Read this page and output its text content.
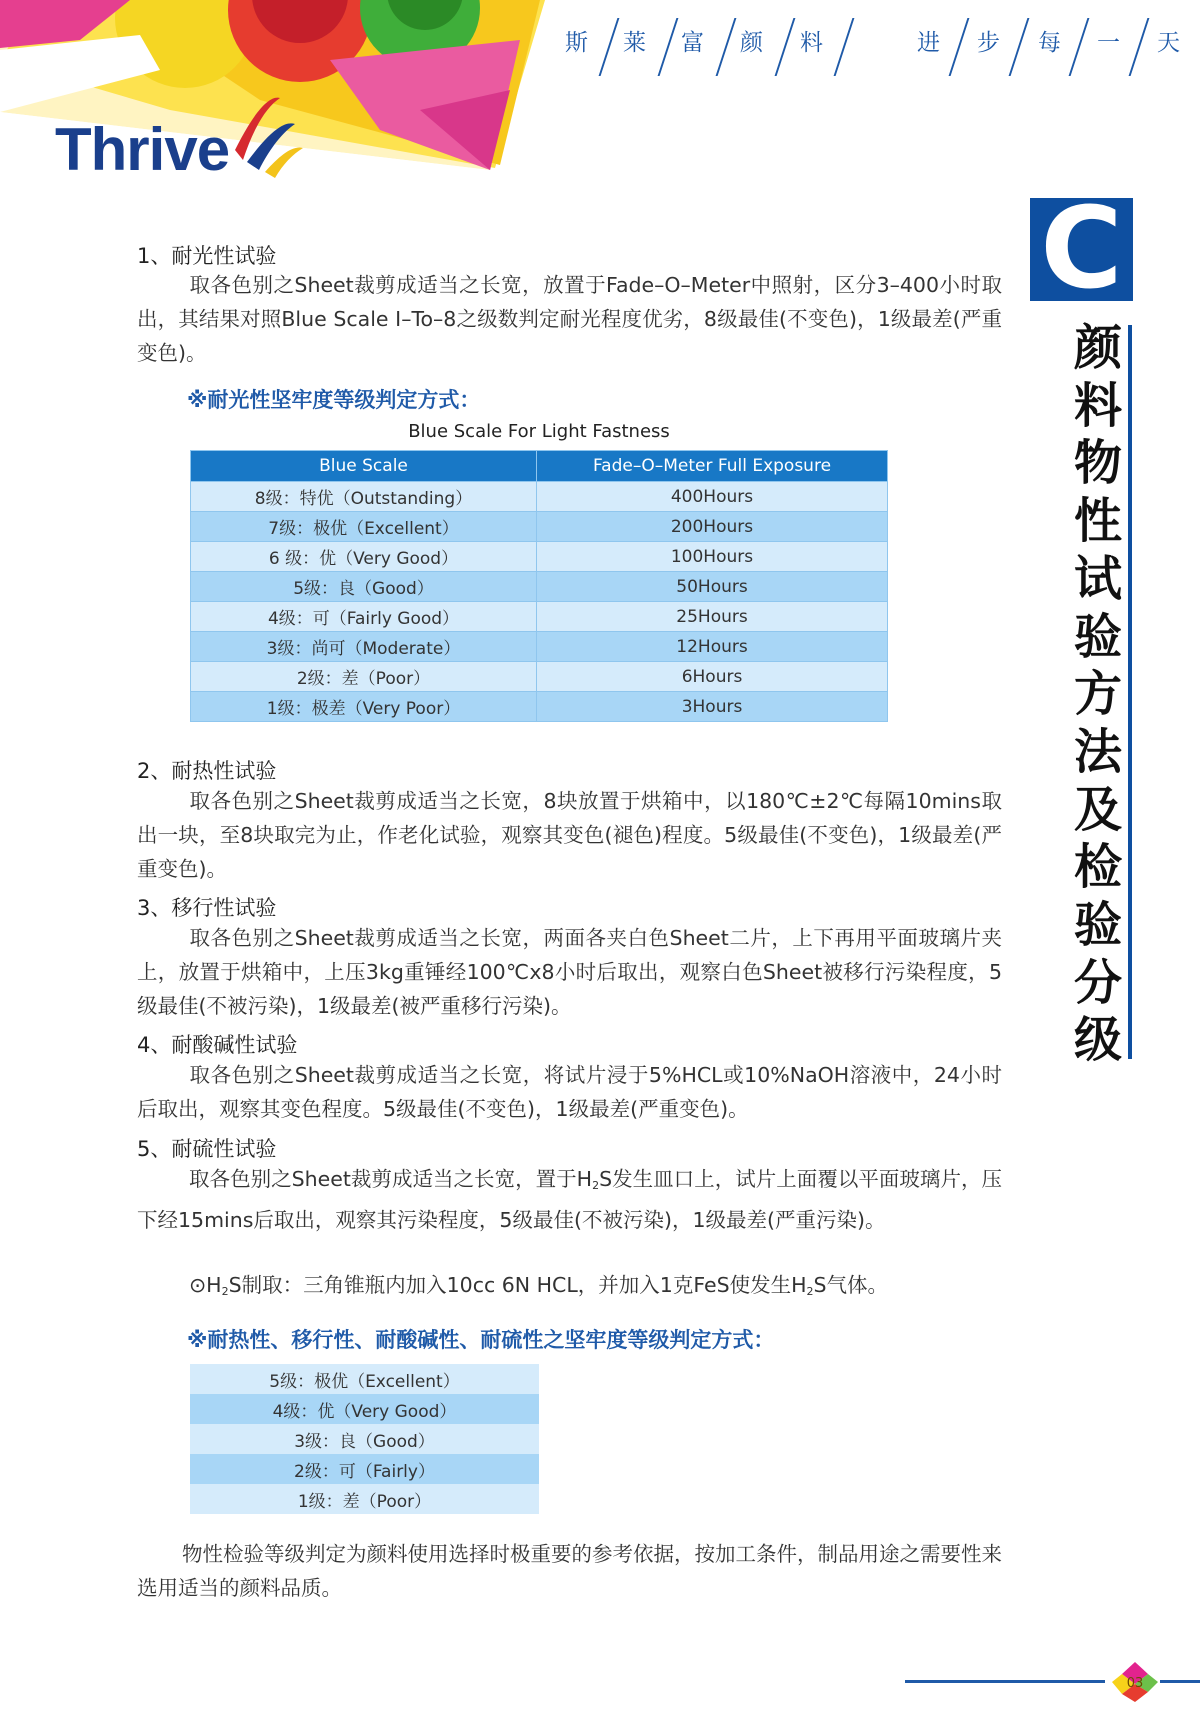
Thrive
斯 莱 富 颜 料	进 步 每 一 天
C
颜
料
物
性
试
验
方
法
及
检
验
分
级
1、耐光性试验
取各色别之Sheet裁剪成适当之长宽，放置于Fade–O–Meter中照射，区分3–400小时取出，其结果对照Blue Scale I–To–8之级数判定耐光程度优劣，8级最佳(不变色)，1级最差(严重变色)。
※耐光性坚牢度等级判定方式：
Blue Scale For Light Fastness
Blue Scale	Fade–O–Meter Full Exposure
8级：特优（Outstanding）	400Hours
7级：极优（Excellent）	200Hours
6 级：优（Very Good）	100Hours
5级：良（Good）	50Hours
4级：可（Fairly Good）	25Hours
3级：尚可（Moderate）	12Hours
2级：差（Poor）	6Hours
1级：极差（Very Poor）	3Hours
2、耐热性试验
取各色别之Sheet裁剪成适当之长宽，8块放置于烘箱中，以180℃±2℃每隔10mins取出一块，至8块取完为止，作老化试验，观察其变色(褪色)程度。5级最佳(不变色)，1级最差(严重变色)。
3、移行性试验
取各色别之Sheet裁剪成适当之长宽，两面各夹白色Sheet二片，上下再用平面玻璃片夹上，放置于烘箱中，上压3kg重锤经100℃x8小时后取出，观察白色Sheet被移行污染程度，5级最佳(不被污染)，1级最差(被严重移行污染)。
4、耐酸碱性试验
取各色别之Sheet裁剪成适当之长宽，将试片浸于5%HCL或10%NaOH溶液中，24小时后取出，观察其变色程度。5级最佳(不变色)，1级最差(严重变色)。
5、耐硫性试验
取各色别之Sheet裁剪成适当之长宽，置于$H_2S$发生皿口上，试片上面覆以平面玻璃片，压下经15mins后取出，观察其污染程度，5级最佳(不被污染)，1级最差(严重污染)。
$⊙H_2S$制取：三角锥瓶内加入10cc 6N HCL，并加入1克FeS使发生$H_2S$气体。
※耐热性、移行性、耐酸碱性、耐硫性之坚牢度等级判定方式：
5级：极优（Excellent）
4级：优（Very Good）
3级：良（Good）
2级：可（Fairly）
1级：差（Poor）
物性检验等级判定为颜料使用选择时极重要的参考依据，按加工条件，制品用途之需要性来选用适当的颜料品质。
03
